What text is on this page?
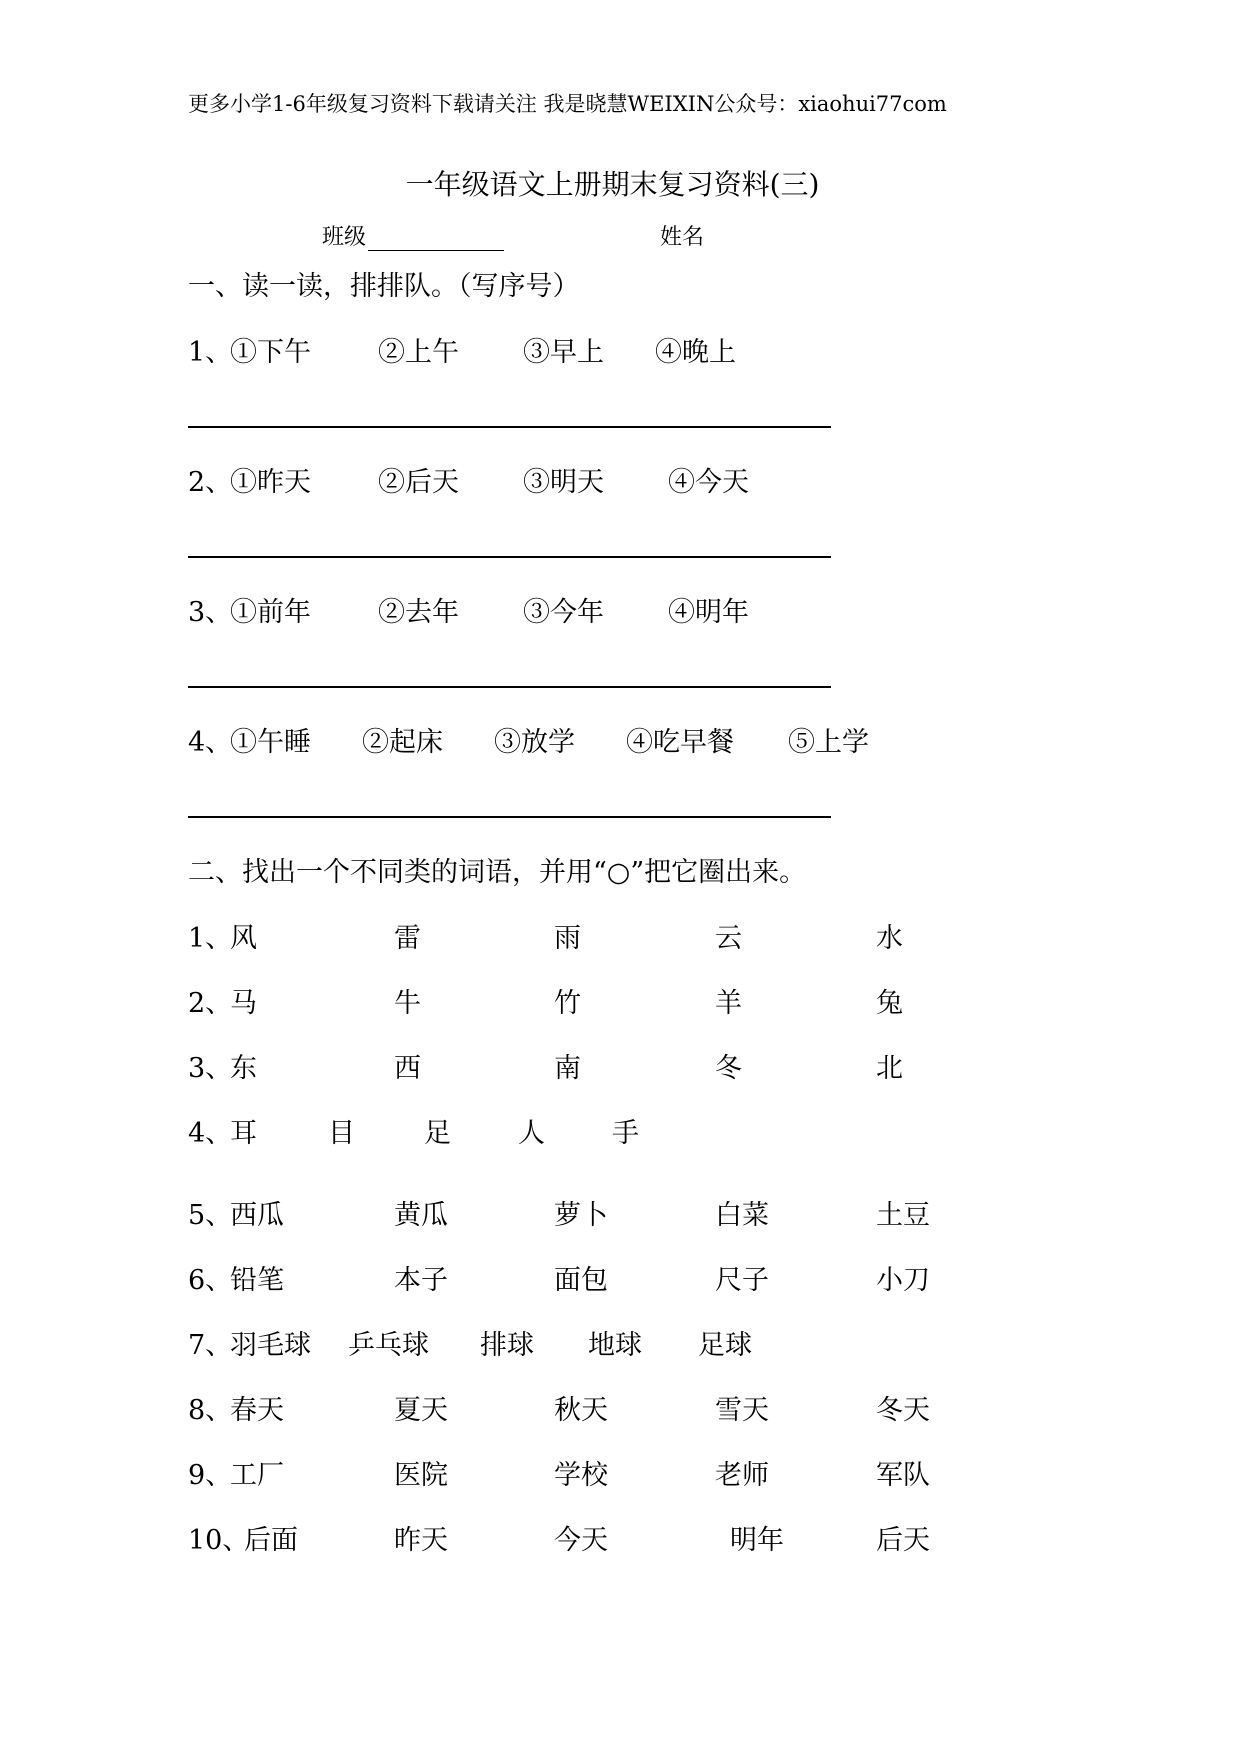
更多小学1-6年级复习资料下载请关注 我是晓慧WEIXIN公众号：xiaohui77com
一年级语文上册期末复习资料(三)
班级	姓名
一、读一读，排排队。（写序号）
1、
①下午 ②上午 ③早上 ④晚上
2、
①昨天 ②后天 ③明天 ④今天
3、
①前年 ②去年 ③今年 ④明年
4、
①午睡 ②起床 ③放学 ④吃早餐 ⑤上学
二、找出一个不同类的词语，并用“○”把它圈出来。
1、
风	雷	雨	云	水
2、
马	牛	竹	羊	兔
3、
东	西	南	冬	北
4、
耳	目	足 人 手
5、
西瓜	黄瓜	萝卜	白菜	土豆
6、
铅笔	本子	面包	尺子	小刀
7、
羽毛球 乒乓球 排球 地球 足球
8、
春天	夏天	秋天	雪天	冬天
9、
工厂	医院	学校	老师	军队
10、
后面	昨天	今天	明年	后天
